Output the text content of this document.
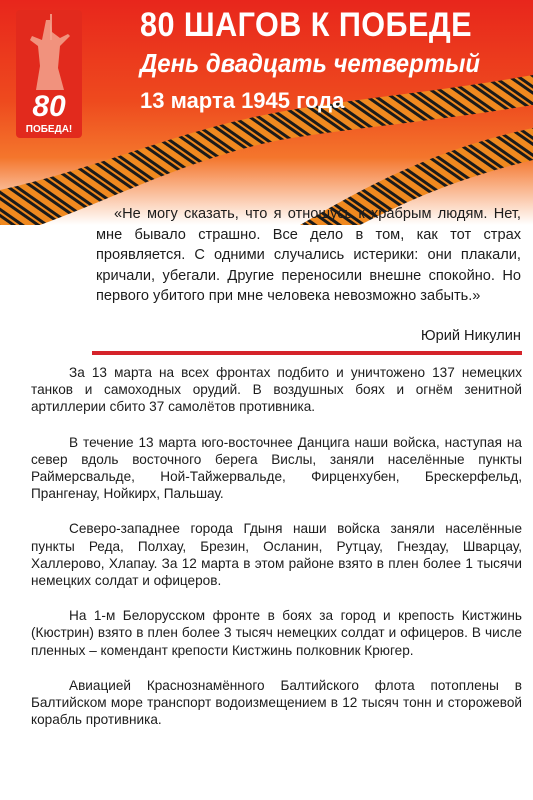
80
ПОБЕДА!
80 ШАГОВ К ПОБЕДЕ
День двадцать четвертый
13 марта 1945 года
«Не могу сказать, что я отношусь к храбрым людям. Нет, мне бывало страшно. Все дело в том, как тот страх проявляется. С одними случались истерики: они плакали, кричали, убегали. Другие переносили внешне спокойно. Но первого убитого при мне человека невозможно забыть.»
Юрий Никулин

За 13 марта на всех фронтах подбито и уничтожено 137 немецких танков и самоходных орудий. В воздушных боях и огнём зенитной артиллерии сбито 37 самолётов противника.

В течение 13 марта юго-восточнее Данцига наши войска, наступая на север вдоль восточного берега Вислы, заняли населённые пункты Раймерсвальде, Ной-Тайжервальде, Фирценхубен, Брескерфельд, Прангенау, Нойкирх, Пальшау.

Северо-западнее города Гдыня наши войска заняли населённые пункты Реда, Полхау, Брезин, Осланин, Рутцау, Гнездау, Шварцау, Халлерово, Хлапау. За 12 марта в этом районе взято в плен более 1 тысячи немецких солдат и офицеров.

На 1-м Белорусском фронте в боях за город и крепость Кистжинь (Кюстрин) взято в плен более 3 тысяч немецких солдат и офицеров. В числе пленных – комендант крепости Кистжинь полковник Крюгер.

Авиацией Краснознамённого Балтийского флота потоплены в Балтийском море транспорт водоизмещением в 12 тысяч тонн и сторожевой корабль противника.
